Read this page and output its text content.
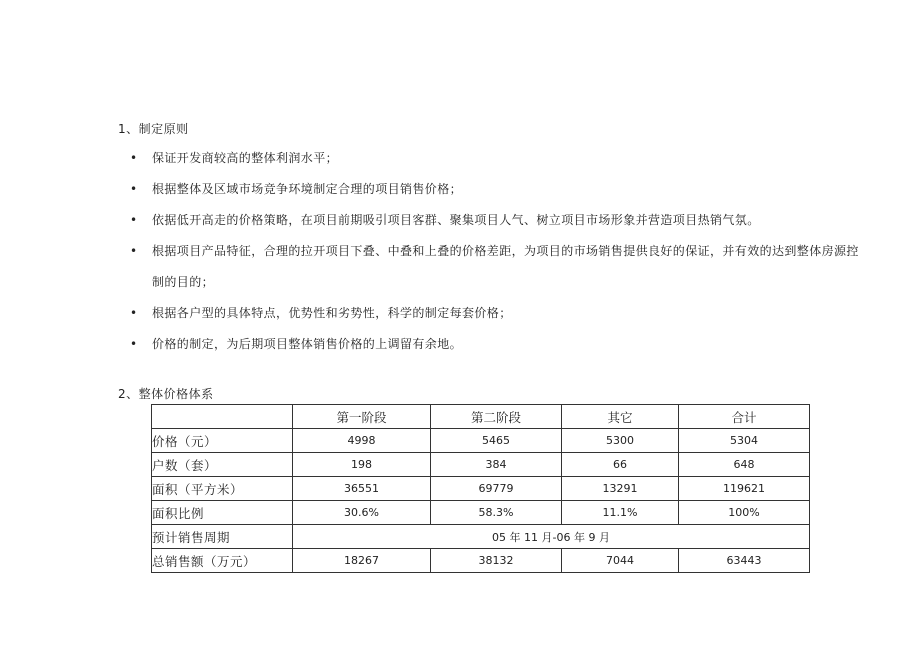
1、制定原则
• 保证开发商较高的整体利润水平；
• 根据整体及区域市场竞争环境制定合理的项目销售价格；
• 依据低开高走的价格策略，在项目前期吸引项目客群、聚集项目人气、树立项目市场形象并营造项目热销气氛。
• 根据项目产品特征，合理的拉开项目下叠、中叠和上叠的价格差距，为项目的市场销售提供良好的保证，并有效的达到整体房源控制的目的；
• 根据各户型的具体特点，优势性和劣势性，科学的制定每套价格；
• 价格的制定，为后期项目整体销售价格的上调留有余地。
2、整体价格体系
	第一阶段	第二阶段	其它	合计
价格（元）	4998	5465	5300	5304
户数（套）	198	384	66	648
面积（平方米）	36551	69779	13291	119621
面积比例	30.6%	58.3%	11.1%	100%
预计销售周期	05 年 11 月-06 年 9 月			
总销售额（万元）	18267	38132	7044	63443
